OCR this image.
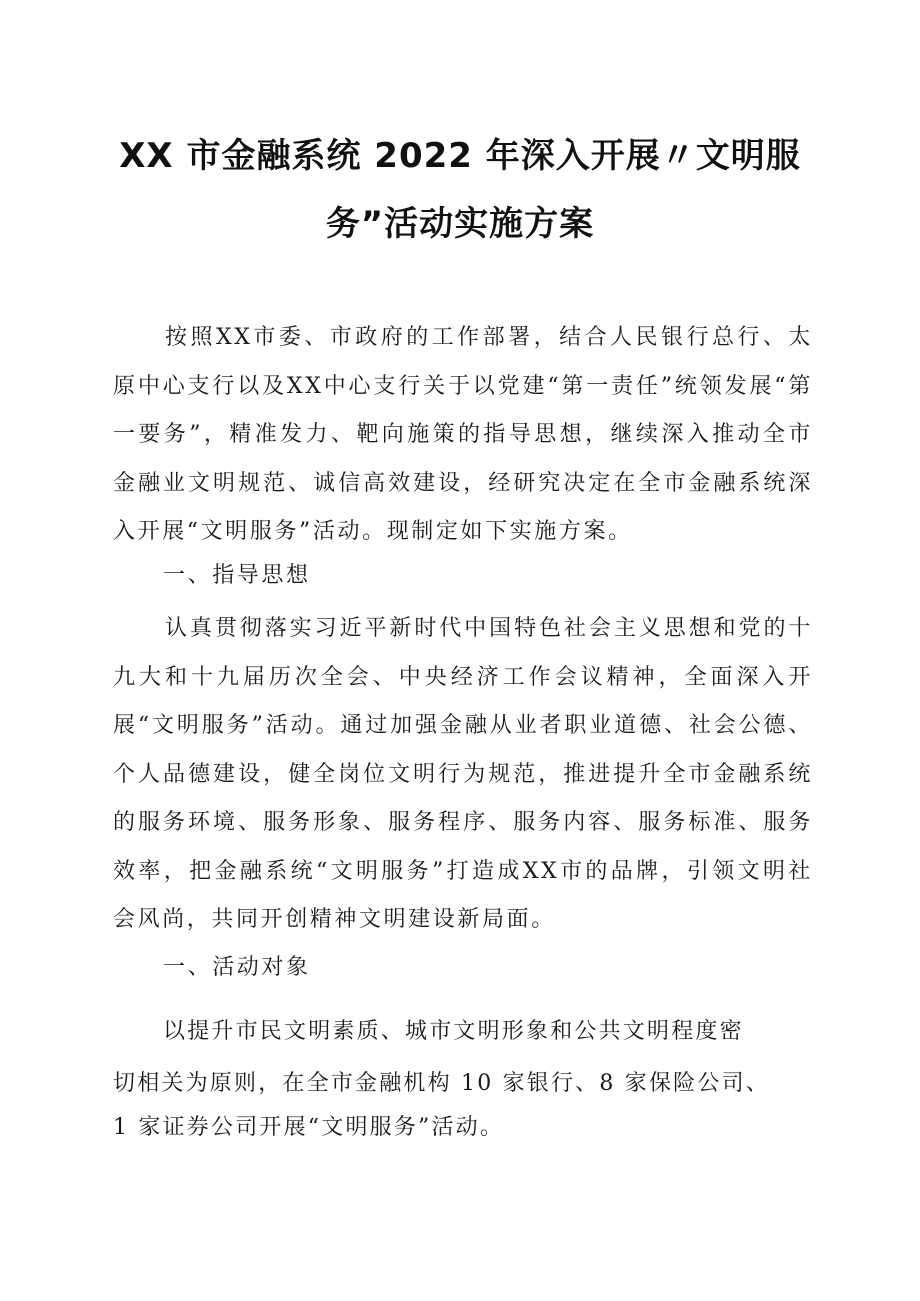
XX 市金融系统 2022 年深入开展〃文明服
务”活动实施方案

按照XX市委、市政府的工作部署，结合人民银行总行、太原中心支行以及XX中心支行关于以党建“第一责任”统领发展“第一要务”，精准发力、靶向施策的指导思想，继续深入推动全市金融业文明规范、诚信高效建设，经研究决定在全市金融系统深入开展“文明服务”活动。现制定如下实施方案。

一、指导思想

认真贯彻落实习近平新时代中国特色社会主义思想和党的十九大和十九届历次全会、中央经济工作会议精神，全面深入开展“文明服务”活动。通过加强金融从业者职业道德、社会公德、个人品德建设，健全岗位文明行为规范，推进提升全市金融系统的服务环境、服务形象、服务程序、服务内容、服务标准、服务效率，把金融系统“文明服务”打造成XX市的品牌，引领文明社会风尚，共同开创精神文明建设新局面。

一、活动对象

以提升市民文明素质、城市文明形象和公共文明程度密

切相关为原则，在全市金融机构 10 家银行、8 家保险公司、

1 家证券公司开展“文明服务”活动。
